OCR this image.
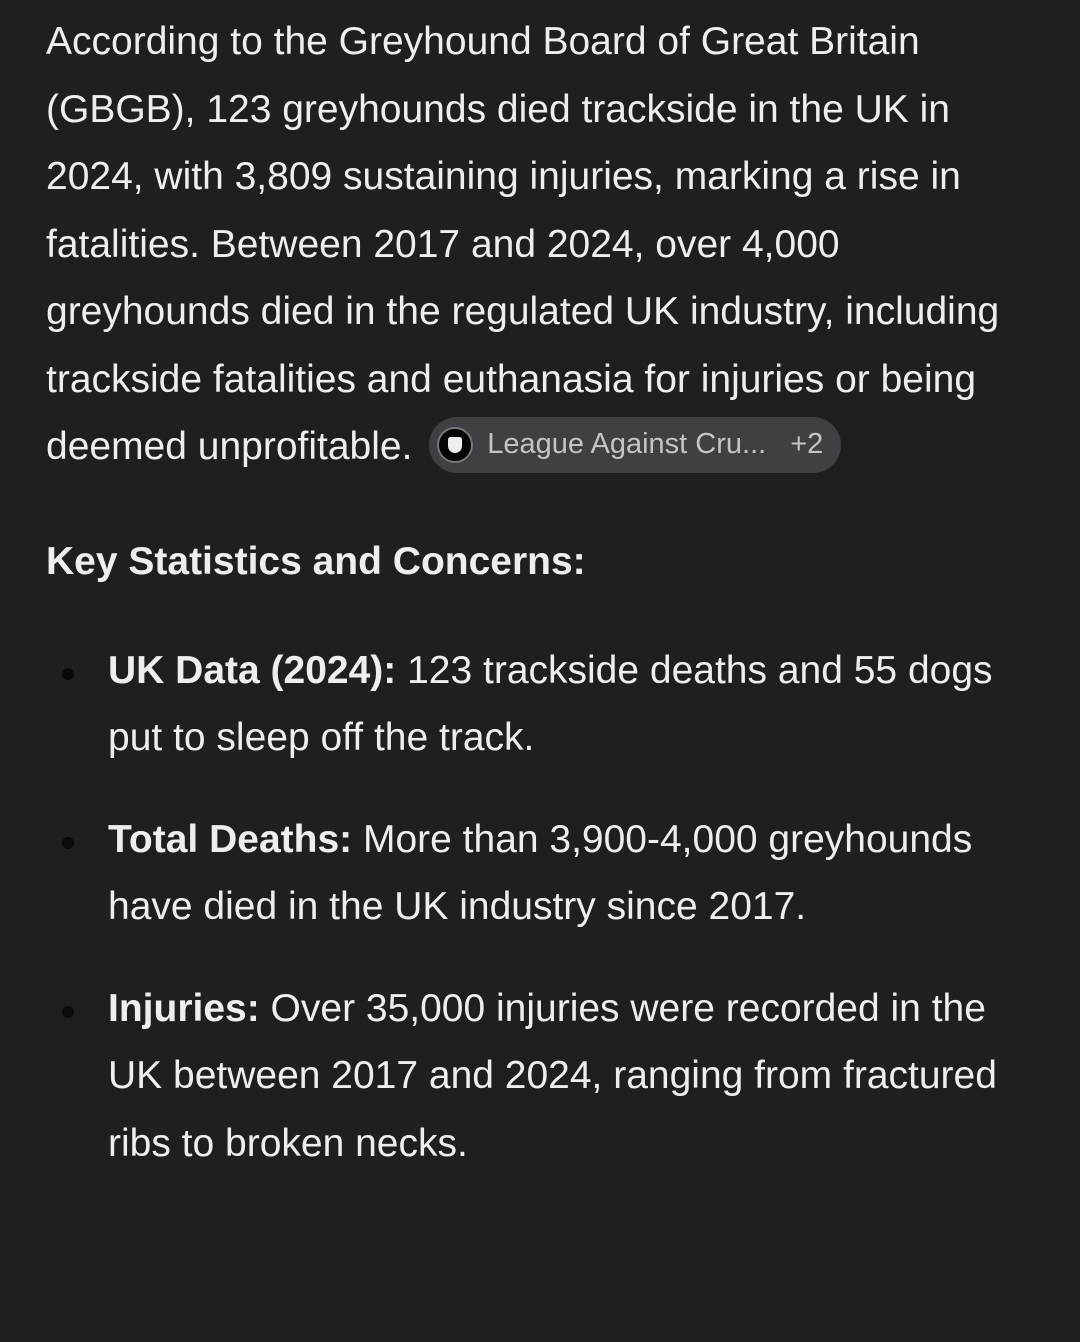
According to the Greyhound Board of Great Britain (GBGB), 123 greyhounds died trackside in the UK in 2024, with 3,809 sustaining injuries, marking a rise in fatalities. Between 2017 and 2024, over 4,000 greyhounds died in the regulated UK industry, including trackside fatalities and euthanasia for injuries or being deemed unprofitable.	League Against Cru... +2

Key Statistics and Concerns:
UK Data (2024): 123 trackside deaths and 55 dogs put to sleep off the track.
Total Deaths: More than 3,900-4,000 greyhounds have died in the UK industry since 2017.
Injuries: Over 35,000 injuries were recorded in the UK between 2017 and 2024, ranging from fractured ribs to broken necks.
